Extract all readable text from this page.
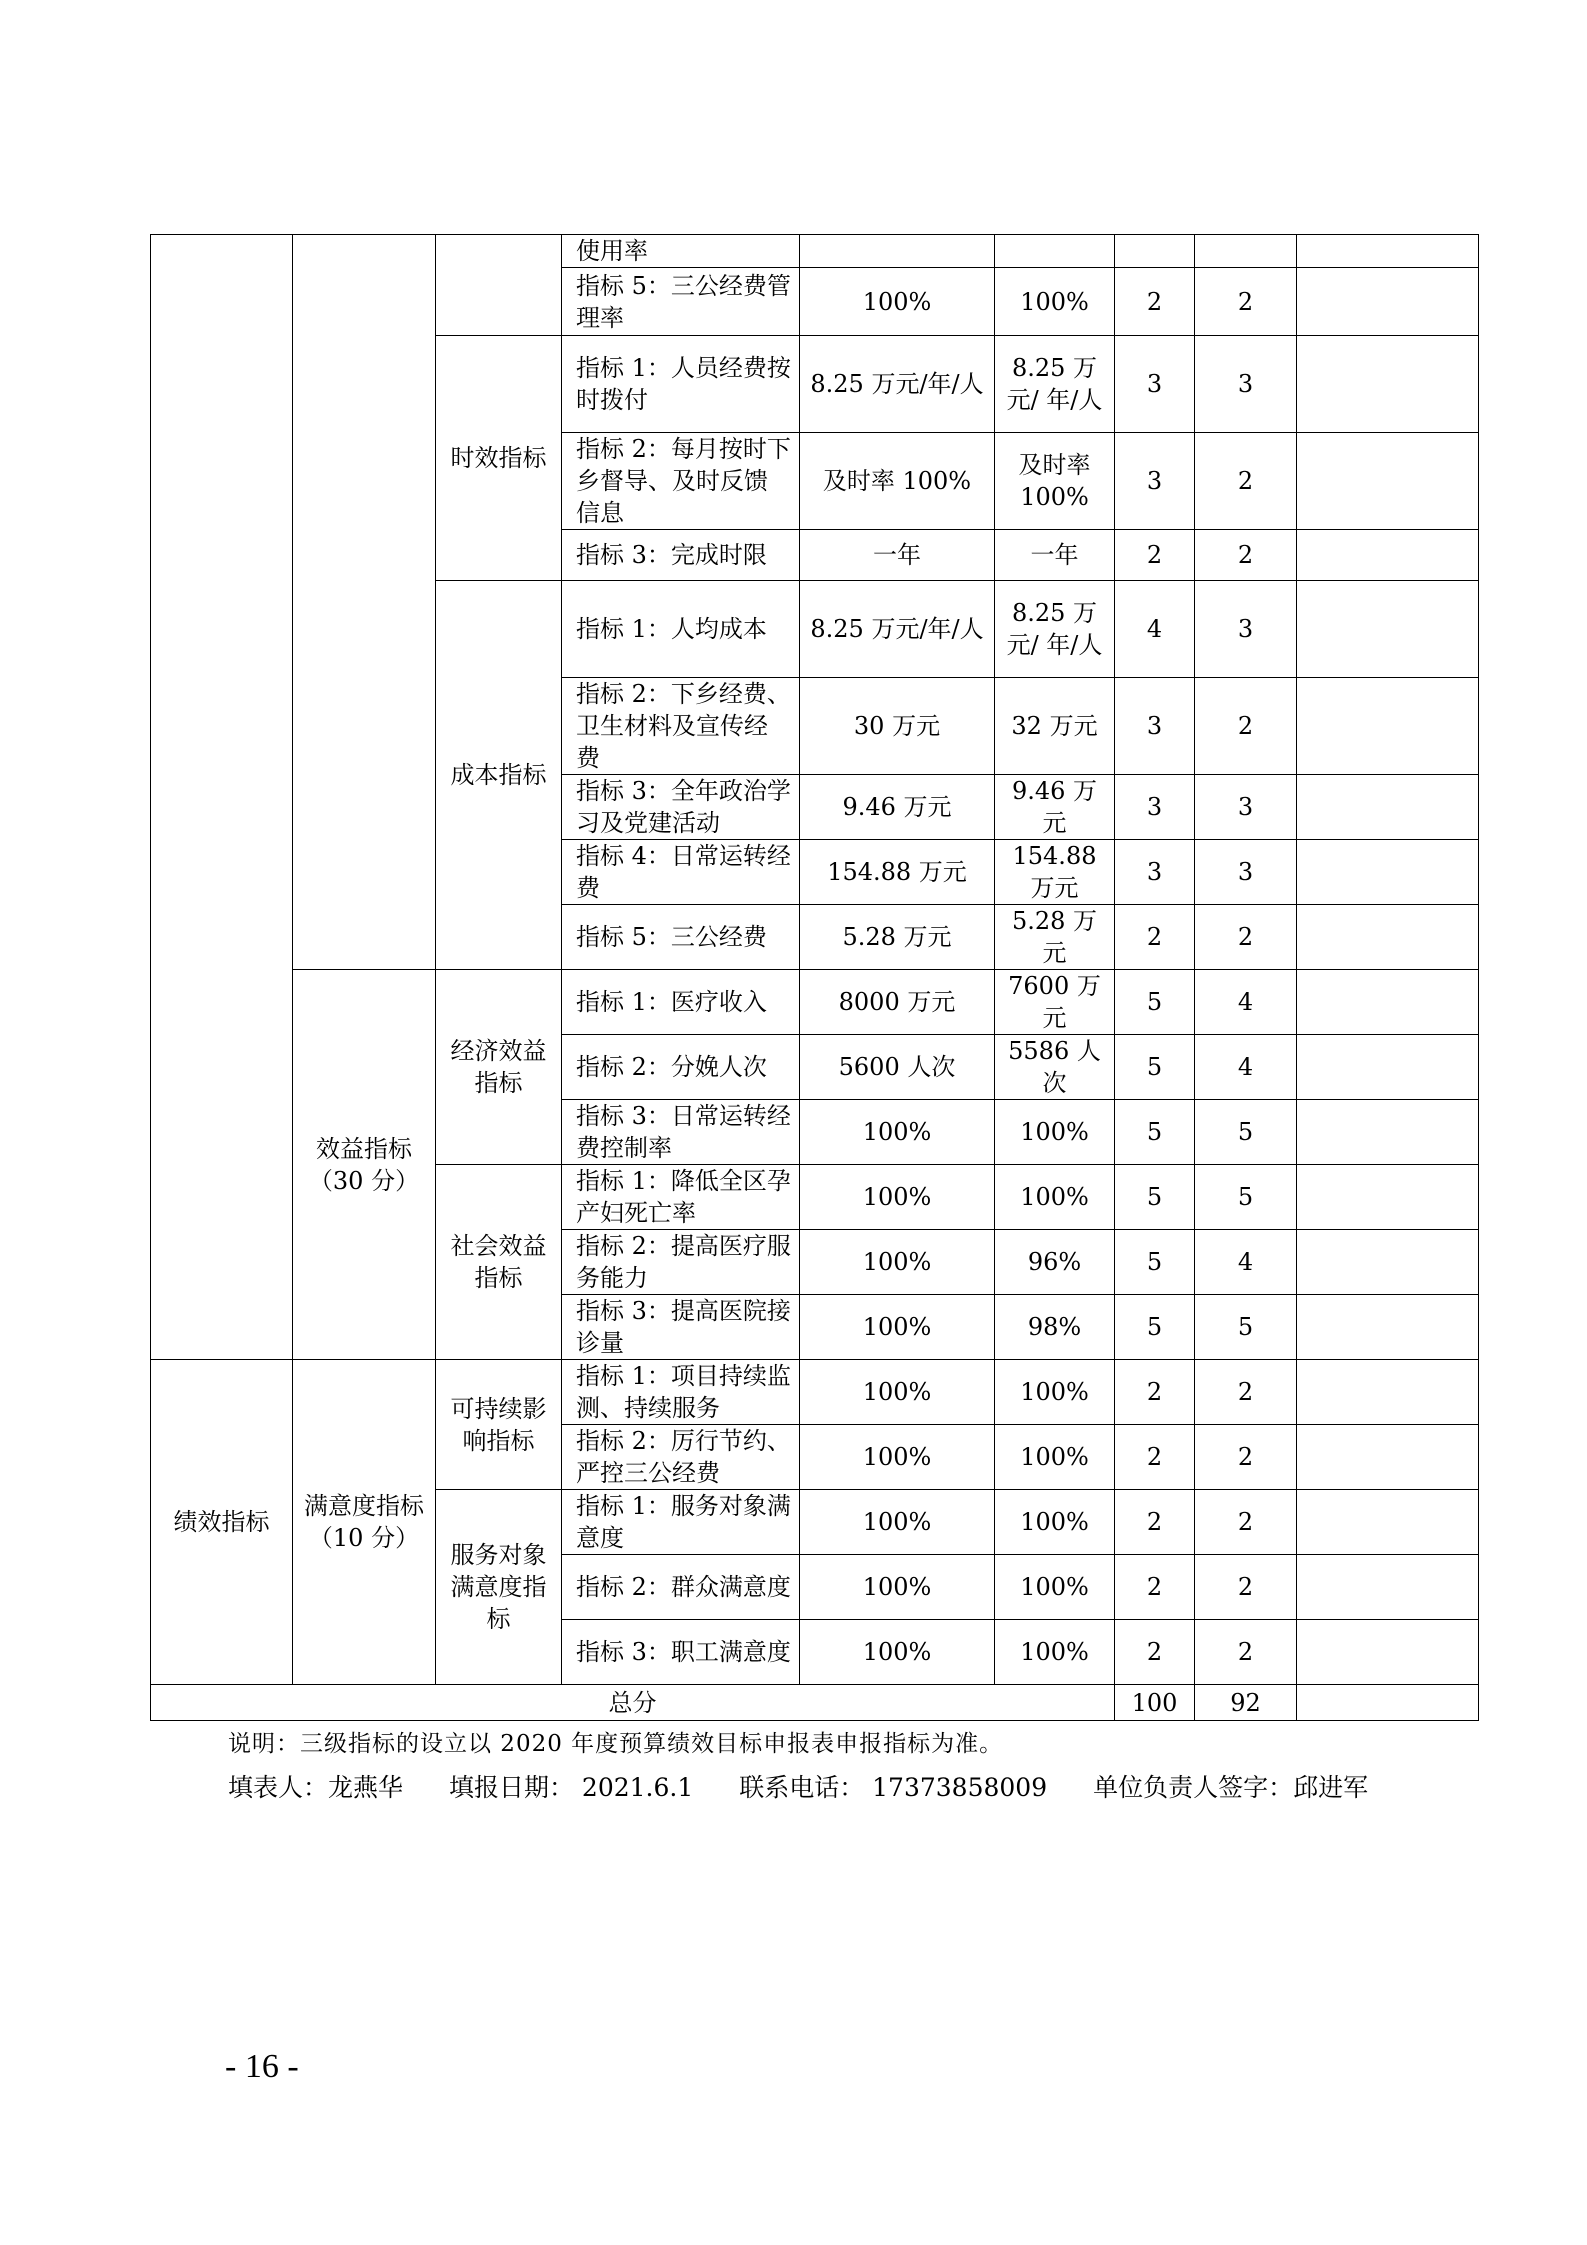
			使用率					
			指标 5：三公经费管理率	100%	100%	2	2	
		时效指标	指标 1：人员经费按时拨付	8.25 万元/年/人	8.25 万元/ 年/人	3	3	
			指标 2：每月按时下乡督导、及时反馈信息	及时率 100%	及时率 100%	3	2	
			指标 3：完成时限	一年	一年	2	2	
		成本指标	指标 1：人均成本	8.25 万元/年/人	8.25 万元/ 年/人	4	3	
			指标 2：下乡经费、卫生材料及宣传经费	30 万元	32 万元	3	2	
			指标 3：全年政治学习及党建活动	9.46 万元	9.46 万元	3	3	
			指标 4：日常运转经费	154.88 万元	154.88 万元	3	3	
			指标 5：三公经费	5.28 万元	5.28 万元	2	2	
	效益指标（30 分）	经济效益指标	指标 1：医疗收入	8000 万元	7600 万元	5	4	
			指标 2：分娩人次	5600 人次	5586 人次	5	4	
			指标 3：日常运转经费控制率	100%	100%	5	5	
		社会效益指标	指标 1：降低全区孕产妇死亡率	100%	100%	5	5	
			指标 2：提高医疗服务能力	100%	96%	5	4	
			指标 3：提高医院接诊量	100%	98%	5	5	
绩效指标	满意度指标（10 分）	可持续影响指标	指标 1：项目持续监测、持续服务	100%	100%	2	2	
			指标 2：厉行节约、严控三公经费	100%	100%	2	2	
		服务对象满意度指标	指标 1：服务对象满意度	100%	100%	2	2	
			指标 2：群众满意度	100%	100%	2	2	
			指标 3：职工满意度	100%	100%	2	2	
总分						100	92	
说明：三级指标的设立以 2020 年度预算绩效目标申报表申报指标为准。
填表人：龙燕华 填报日期： 2021.6.1 联系电话： 17373858009 单位负责人签字：邱进军
- 16 -
